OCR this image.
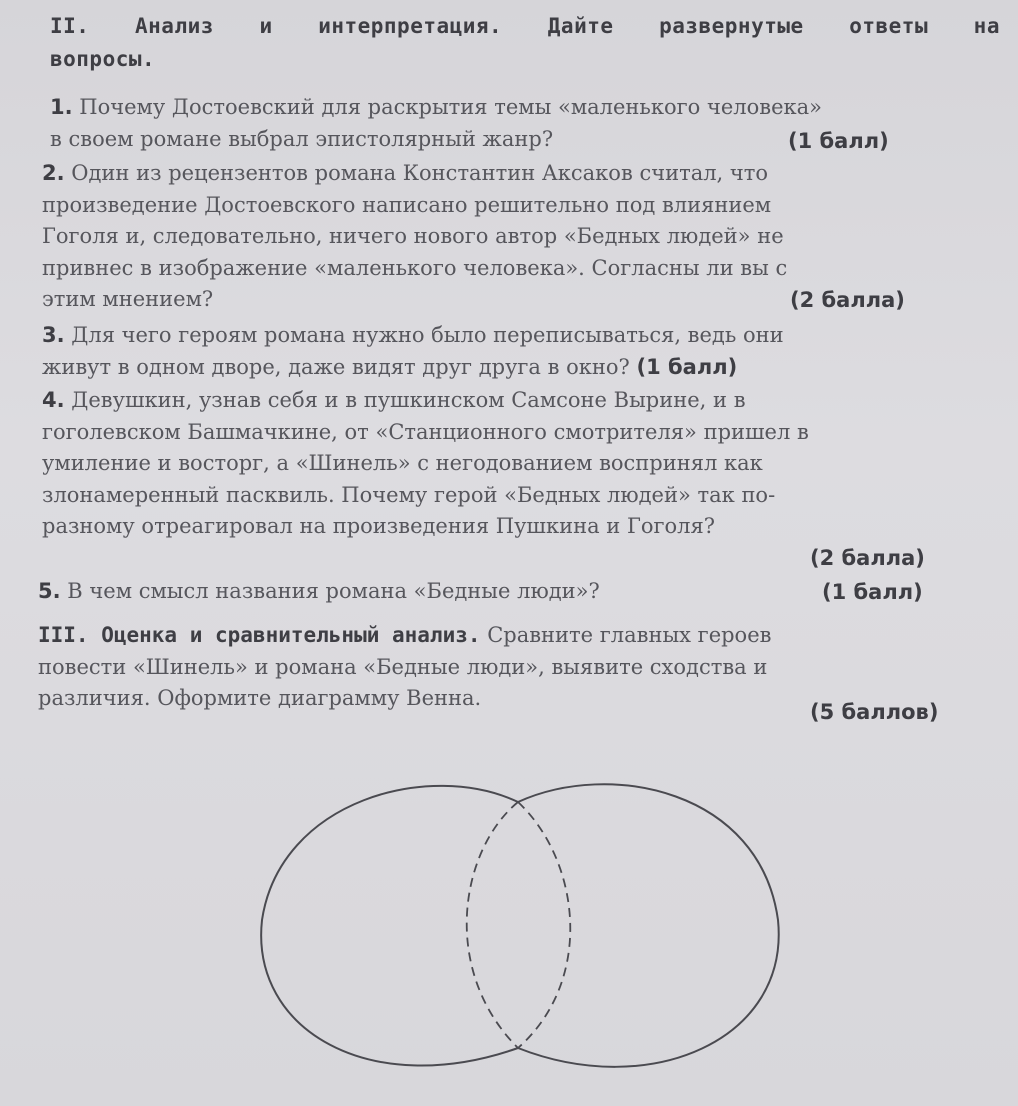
II. Анализ и интерпретация. Дайте развернутые ответы на
вопросы.
1. Почему Достоевский для раскрытия темы «маленького человека»
в своем романе выбрал эпистолярный жанр?	(1 балл)
2. Один из рецензентов романа Константин Аксаков считал, что
произведение Достоевского написано решительно под влиянием
Гоголя и, следовательно, ничего нового автор «Бедных людей» не
привнес в изображение «маленького человека». Согласны ли вы с
этим мнением?	(2 балла)
3. Для чего героям романа нужно было переписываться, ведь они
живут в одном дворе, даже видят друг друга в окно? (1 балл)
4. Девушкин, узнав себя и в пушкинском Самсоне Вырине, и в
гоголевском Башмачкине, от «Станционного смотрителя» пришел в
умиление и восторг, а «Шинель» с негодованием воспринял как
злонамеренный пасквиль. Почему герой «Бедных людей» так по-
разному отреагировал на произведения Пушкина и Гоголя?
(2 балла)
5. В чем смысл названия романа «Бедные люди»?	(1 балл)
III. Оценка и сравнительный анализ. Сравните главных героев
повести «Шинель» и романа «Бедные люди», выявите сходства и
различия. Оформите диаграмму Венна.
(5 баллов)
